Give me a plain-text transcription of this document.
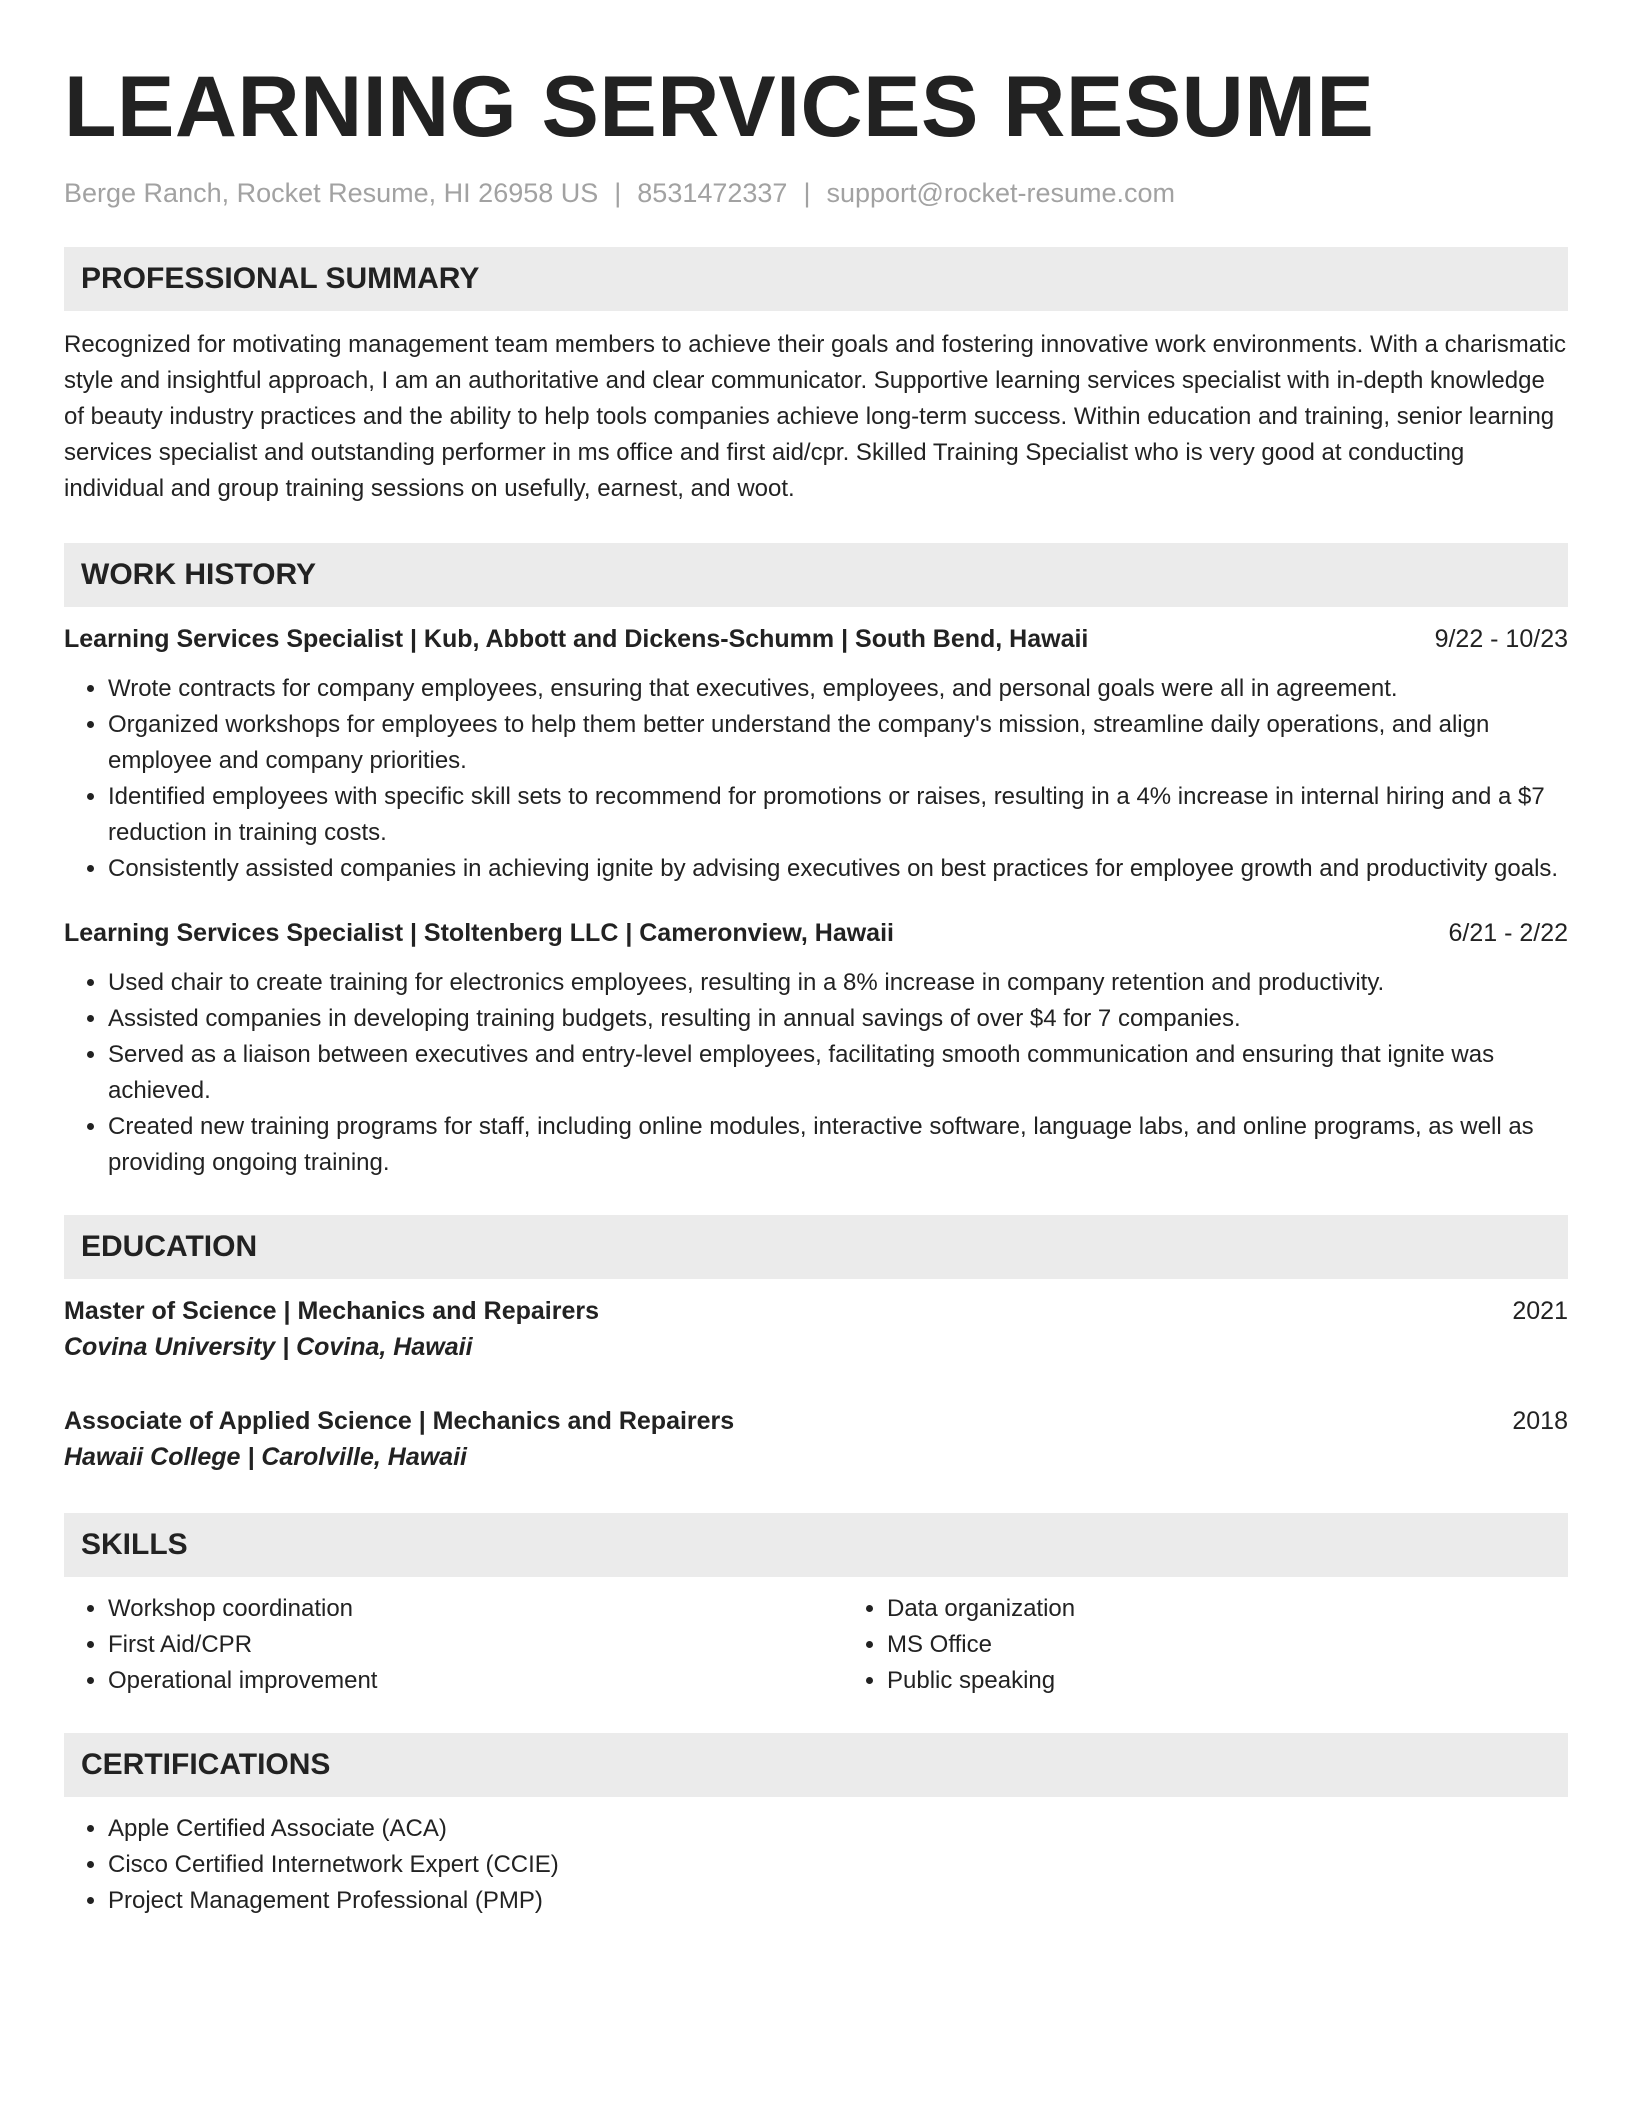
LEARNING SERVICES RESUME
Berge Ranch, Rocket Resume, HI 26958 US | 8531472337 | support@rocket-resume.com
PROFESSIONAL SUMMARY
Recognized for motivating management team members to achieve their goals and fostering innovative work environments. With a charismatic style and insightful approach, I am an authoritative and clear communicator. Supportive learning services specialist with in-depth knowledge of beauty industry practices and the ability to help tools companies achieve long-term success. Within education and training, senior learning services specialist and outstanding performer in ms office and first aid/cpr. Skilled Training Specialist who is very good at conducting individual and group training sessions on usefully, earnest, and woot.
WORK HISTORY
Learning Services Specialist | Kub, Abbott and Dickens-Schumm | South Bend, Hawaii	9/22 - 10/23
• Wrote contracts for company employees, ensuring that executives, employees, and personal goals were all in agreement.
• Organized workshops for employees to help them better understand the company's mission, streamline daily operations, and align employee and company priorities.
• Identified employees with specific skill sets to recommend for promotions or raises, resulting in a 4% increase in internal hiring and a $7 reduction in training costs.
• Consistently assisted companies in achieving ignite by advising executives on best practices for employee growth and productivity goals.
Learning Services Specialist | Stoltenberg LLC | Cameronview, Hawaii	6/21 - 2/22
• Used chair to create training for electronics employees, resulting in a 8% increase in company retention and productivity.
• Assisted companies in developing training budgets, resulting in annual savings of over $4 for 7 companies.
• Served as a liaison between executives and entry-level employees, facilitating smooth communication and ensuring that ignite was achieved.
• Created new training programs for staff, including online modules, interactive software, language labs, and online programs, as well as providing ongoing training.
EDUCATION
Master of Science | Mechanics and Repairers	2021
Covina University | Covina, Hawaii
Associate of Applied Science | Mechanics and Repairers	2018
Hawaii College | Carolville, Hawaii
SKILLS
• Workshop coordination
• First Aid/CPR
• Operational improvement
• Data organization
• MS Office
• Public speaking
CERTIFICATIONS
• Apple Certified Associate (ACA)
• Cisco Certified Internetwork Expert (CCIE)
• Project Management Professional (PMP)
